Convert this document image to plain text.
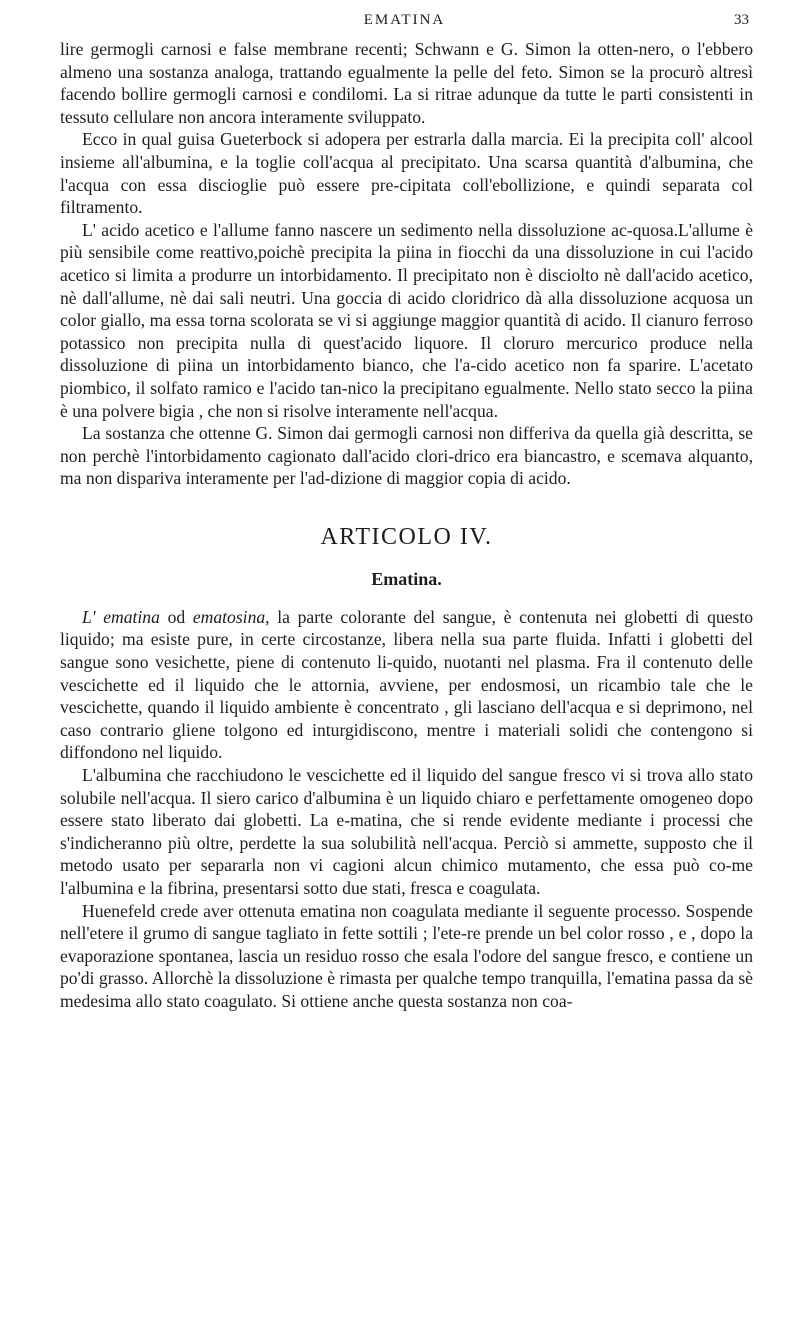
EMATINA	33

lire germogli carnosi e false membrane recenti; Schwann e G. Simon la otten-nero, o l'ebbero almeno una sostanza analoga, trattando egualmente la pelle del feto. Simon se la procurò altresì facendo bollire germogli carnosi e condilomi. La si ritrae adunque da tutte le parti consistenti in tessuto cellulare non ancora interamente sviluppato.

Ecco in qual guisa Gueterbock si adopera per estrarla dalla marcia. Ei la precipita coll' alcool insieme all'albumina, e la toglie coll'acqua al precipitato. Una scarsa quantità d'albumina, che l'acqua con essa discioglie può essere pre-cipitata coll'ebollizione, e quindi separata col filtramento.

L' acido acetico e l'allume fanno nascere un sedimento nella dissoluzione ac-quosa.L'allume è più sensibile come reattivo,poichè precipita la piina in fiocchi da una dissoluzione in cui l'acido acetico si limita a produrre un intorbidamento. Il precipitato non è disciolto nè dall'acido acetico, nè dall'allume, nè dai sali neutri. Una goccia di acido cloridrico dà alla dissoluzione acquosa un color giallo, ma essa torna scolorata se vi si aggiunge maggior quantità di acido. Il cianuro ferroso potassico non precipita nulla di quest'acido liquore. Il cloruro mercurico produce nella dissoluzione di piina un intorbidamento bianco, che l'a-cido acetico non fa sparire. L'acetato piombico, il solfato ramico e l'acido tan-nico la precipitano egualmente. Nello stato secco la piina è una polvere bigia , che non si risolve interamente nell'acqua.

La sostanza che ottenne G. Simon dai germogli carnosi non differiva da quella già descritta, se non perchè l'intorbidamento cagionato dall'acido clori-drico era biancastro, e scemava alquanto, ma non dispariva interamente per l'ad-dizione di maggior copia di acido.

ARTICOLO IV.
Ematina.

L' ematina od ematosina, la parte colorante del sangue, è contenuta nei globetti di questo liquido; ma esiste pure, in certe circostanze, libera nella sua parte fluida. Infatti i globetti del sangue sono vesichette, piene di contenuto li-quido, nuotanti nel plasma. Fra il contenuto delle vescichette ed il liquido che le attornia, avviene, per endosmosi, un ricambio tale che le vescichette, quando il liquido ambiente è concentrato , gli lasciano dell'acqua e si deprimono, nel caso contrario gliene tolgono ed inturgidiscono, mentre i materiali solidi che contengono si diffondono nel liquido.

L'albumina che racchiudono le vescichette ed il liquido del sangue fresco vi si trova allo stato solubile nell'acqua. Il siero carico d'albumina è un liquido chiaro e perfettamente omogeneo dopo essere stato liberato dai globetti. La e-matina, che si rende evidente mediante i processi che s'indicheranno più oltre, perdette la sua solubilità nell'acqua. Perciò si ammette, supposto che il metodo usato per separarla non vi cagioni alcun chimico mutamento, che essa può co-me l'albumina e la fibrina, presentarsi sotto due stati, fresca e coagulata.

Huenefeld crede aver ottenuta ematina non coagulata mediante il seguente processo. Sospende nell'etere il grumo di sangue tagliato in fette sottili ; l'ete-re prende un bel color rosso , e , dopo la evaporazione spontanea, lascia un residuo rosso che esala l'odore del sangue fresco, e contiene un po'di grasso. Allorchè la dissoluzione è rimasta per qualche tempo tranquilla, l'ematina passa da sè medesima allo stato coagulato. Si ottiene anche questa sostanza non coa-
